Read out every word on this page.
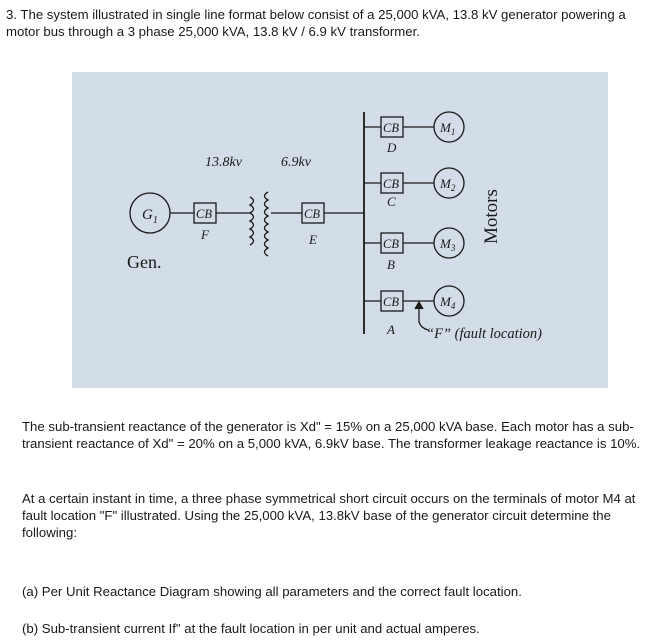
3. The system illustrated in single line format below consist of a 25,000 kVA, 13.8 kV generator powering a motor bus through a 3 phase 25,000 kVA, 13.8 kV / 6.9 kV transformer.

$G_1$
Gen.
CB
F
13.8kv	6.9kv
CB
E
CB
D
$M_1$
CB
C
$M_2$
CB
B
$M_3$
CB
A
$M_4$
“F” (fault location)
Motors

The sub-transient reactance of the generator is Xd" = 15% on a 25,000 kVA base. Each motor has a sub-transient reactance of Xd" = 20% on a 5,000 kVA, 6.9kV base. The transformer leakage reactance is 10%.

At a certain instant in time, a three phase symmetrical short circuit occurs on the terminals of motor M4 at fault location "F" illustrated. Using the 25,000 kVA, 13.8kV base of the generator circuit determine the following:

(a) Per Unit Reactance Diagram showing all parameters and the correct fault location.

(b) Sub-transient current If" at the fault location in per unit and actual amperes.
